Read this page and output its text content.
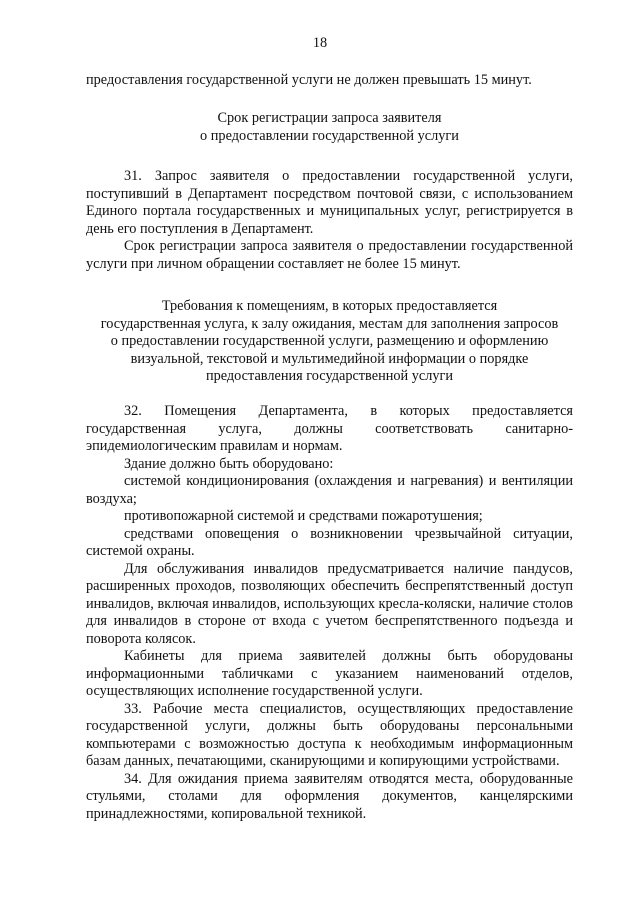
18
предоставления государственной услуги не должен превышать 15 минут.
Срок регистрации запроса заявителя
о предоставлении государственной услуги

31. Запрос заявителя о предоставлении государственной услуги, поступивший в Департамент посредством почтовой связи, с использованием Единого портала государственных и муниципальных услуг, регистрируется в день его поступления в Департамент.

Срок регистрации запроса заявителя о предоставлении государственной услуги при личном обращении составляет не более 15 минут.

Требования к помещениям, в которых предоставляется
государственная услуга, к залу ожидания, местам для заполнения запросов
о предоставлении государственной услуги, размещению и оформлению
визуальной, текстовой и мультимедийной информации о порядке
предоставления государственной услуги

32. Помещения Департамента, в которых предоставляется государственная услуга, должны соответствовать санитарно-эпидемиологическим правилам и нормам.

Здание должно быть оборудовано:

системой кондиционирования (охлаждения и нагревания) и вентиляции воздуха;

противопожарной системой и средствами пожаротушения;

средствами оповещения о возникновении чрезвычайной ситуации, системой охраны.

Для обслуживания инвалидов предусматривается наличие пандусов, расширенных проходов, позволяющих обеспечить беспрепятственный доступ инвалидов, включая инвалидов, использующих кресла-коляски, наличие столов для инвалидов в стороне от входа с учетом беспрепятственного подъезда и поворота колясок.

Кабинеты для приема заявителей должны быть оборудованы информационными табличками с указанием наименований отделов, осуществляющих исполнение государственной услуги.

33. Рабочие места специалистов, осуществляющих предоставление государственной услуги, должны быть оборудованы персональными компьютерами с возможностью доступа к необходимым информационным базам данных, печатающими, сканирующими и копирующими устройствами.

34. Для ожидания приема заявителям отводятся места, оборудованные стульями, столами для оформления документов, канцелярскими принадлежностями, копировальной техникой.
